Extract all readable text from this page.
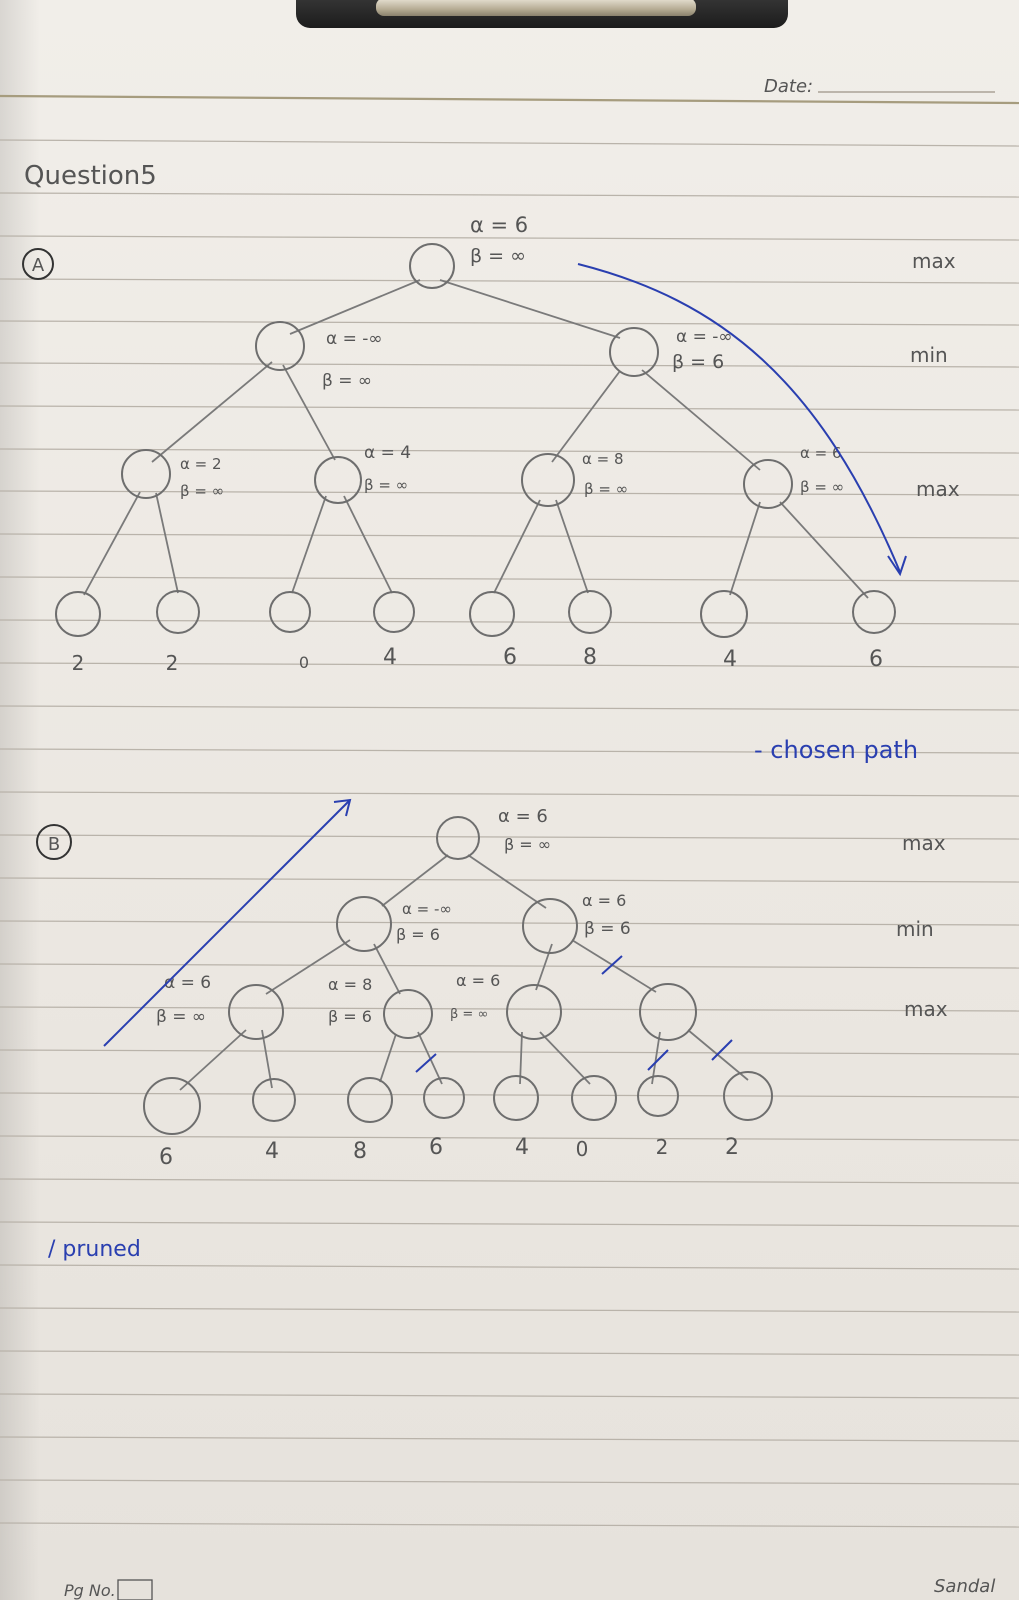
Date:
Question5
A
α = 6
β = ∞
α = -∞
β = ∞
α = -∞
β = 6
α = 2
β = ∞
α = 4
β = ∞
α = 8
β = ∞
α = 6
β = ∞
2	2	0	4	6	8	4	6
max
min
max
- chosen path
B
α = 6
β = ∞
α = -∞
β = 6
α = 6
β = 6
α = 6
β = ∞
α = 8
β = 6
α = 6
β = ∞
6	4	8	6	4 0	2	2
max
min
max
/ pruned
Pg No.	Sandal
